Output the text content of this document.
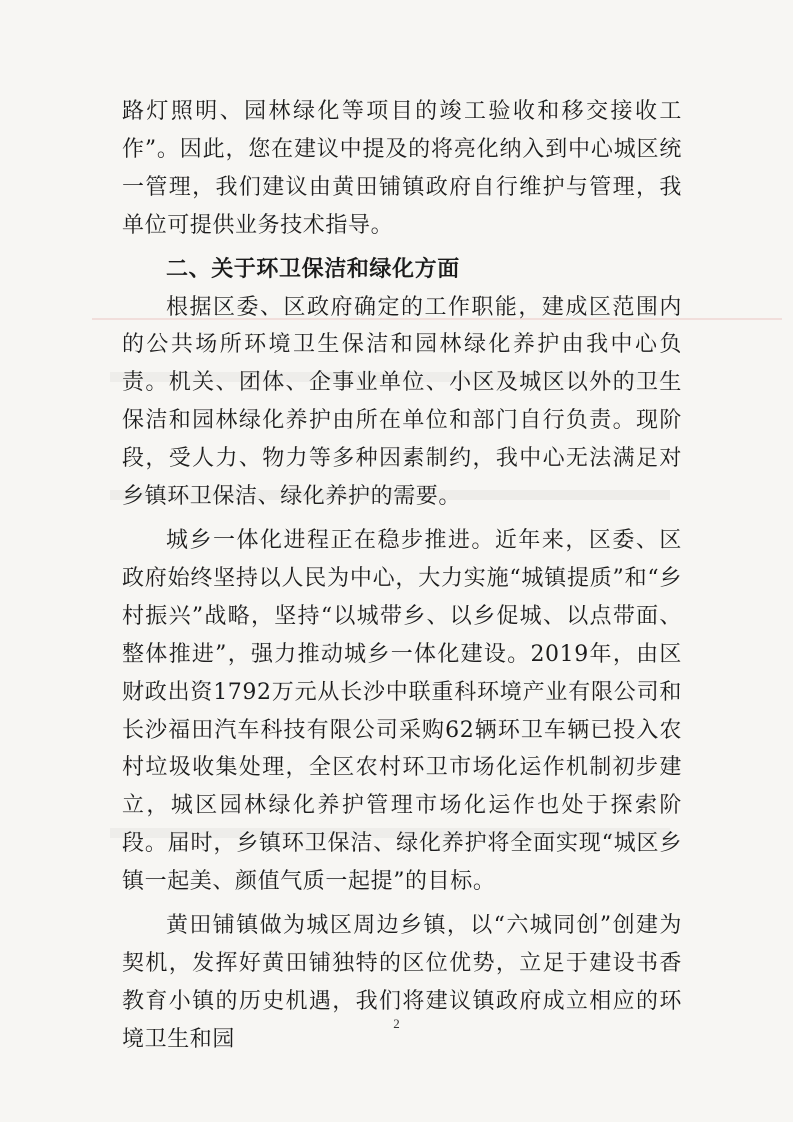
路灯照明、园林绿化等项目的竣工验收和移交接收工作”。因此，您在建议中提及的将亮化纳入到中心城区统一管理，我们建议由黄田铺镇政府自行维护与管理，我单位可提供业务技术指导。

二、关于环卫保洁和绿化方面

根据区委、区政府确定的工作职能，建成区范围内的公共场所环境卫生保洁和园林绿化养护由我中心负责。机关、团体、企事业单位、小区及城区以外的卫生保洁和园林绿化养护由所在单位和部门自行负责。现阶段，受人力、物力等多种因素制约，我中心无法满足对乡镇环卫保洁、绿化养护的需要。

城乡一体化进程正在稳步推进。近年来，区委、区政府始终坚持以人民为中心，大力实施“城镇提质”和“乡村振兴”战略，坚持“以城带乡、以乡促城、以点带面、整体推进”，强力推动城乡一体化建设。2019年，由区财政出资1792万元从长沙中联重科环境产业有限公司和长沙福田汽车科技有限公司采购62辆环卫车辆已投入农村垃圾收集处理，全区农村环卫市场化运作机制初步建立，城区园林绿化养护管理市场化运作也处于探索阶段。届时，乡镇环卫保洁、绿化养护将全面实现“城区乡镇一起美、颜值气质一起提”的目标。

黄田铺镇做为城区周边乡镇，以“六城同创”创建为契机，发挥好黄田铺独特的区位优势，立足于建设书香教育小镇的历史机遇，我们将建议镇政府成立相应的环境卫生和园

2
